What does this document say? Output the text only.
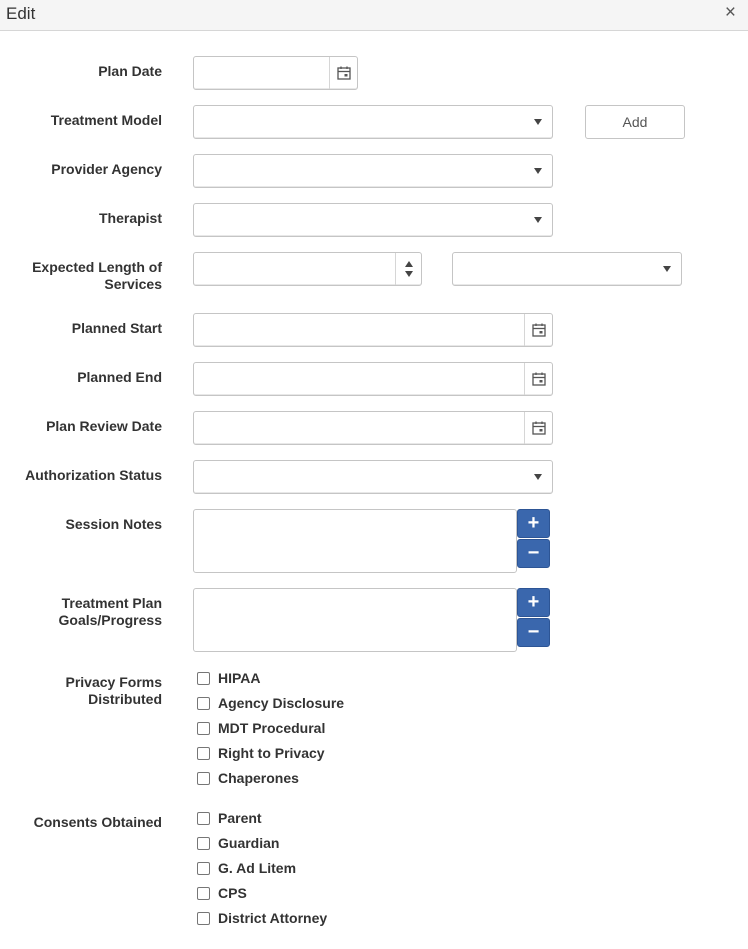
Edit	×
Plan Date
Treatment Model	Add
Provider Agency
Therapist
Expected Length of
Services
Planned Start
Planned End
Plan Review Date
Authorization Status
Session Notes	+
−
Treatment Plan
Goals/Progress
+
−
Privacy Forms
Distributed
HIPAA
Agency Disclosure
MDT Procedural
Right to Privacy
Chaperones
Consents Obtained	Parent
Guardian
G. Ad Litem
CPS
District Attorney
